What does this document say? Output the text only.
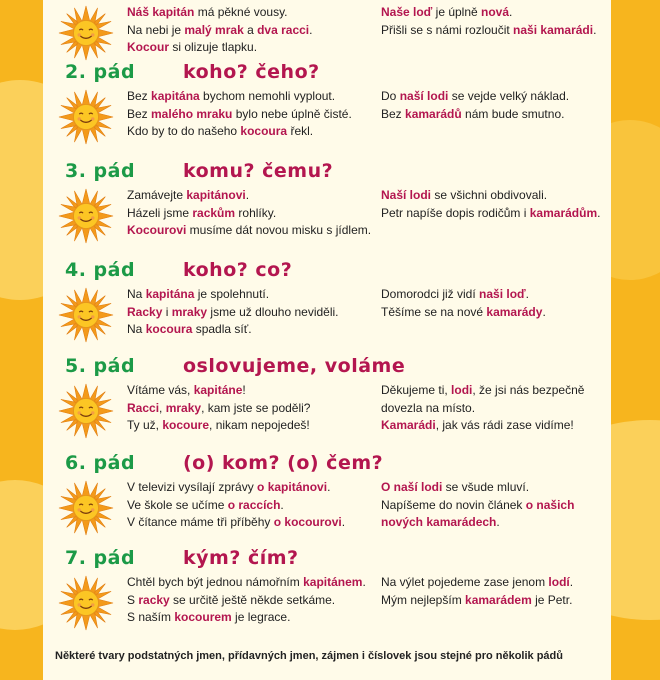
Náš kapitán má pěkné vousy.
Na nebi je malý mrak a dva racci.
Kocour si olizuje tlapku.
Naše loď je úplně nová.
Přišli se s námi rozloučit naši kamarádi.
2. pád	koho? čeho?
Bez kapitána bychom nemohli vyplout.
Bez malého mraku bylo nebe úplně čisté.
Kdo by to do našeho kocoura řekl.
Do naší lodi se vejde velký náklad.
Bez kamarádů nám bude smutno.
3. pád	komu? čemu?
Zamávejte kapitánovi.
Házeli jsme rackům rohlíky.
Kocourovi musíme dát novou misku s jídlem.
Naší lodi se všichni obdivovali.
Petr napíše dopis rodičům i kamarádům.
4. pád	koho? co?
Na kapitána je spolehnutí.
Racky i mraky jsme už dlouho neviděli.
Na kocoura spadla síť.
Domorodci již vidí naši loď.
Těšíme se na nové kamarády.
5. pád	oslovujeme, voláme
Vítáme vás, kapitáne!
Racci, mraky, kam jste se poděli?
Ty už, kocoure, nikam nepojedeš!
Děkujeme ti, lodi, že jsi nás bezpečně
dovezla na místo.
Kamarádi, jak vás rádi zase vidíme!
6. pád	(o) kom? (o) čem?
V televizi vysílají zprávy o kapitánovi.
Ve škole se učíme o raccích.
V čítance máme tři příběhy o kocourovi.
O naší lodi se všude mluví.
Napíšeme do novin článek o našich
nových kamarádech.
7. pád	kým? čím?
Chtěl bych být jednou námořním kapitánem.
S racky se určitě ještě někde setkáme.
S naším kocourem je legrace.
Na výlet pojedeme zase jenom lodí.
Mým nejlepším kamarádem je Petr.
Některé tvary podstatných jmen, přídavných jmen, zájmen i číslovek jsou stejné pro několik pádů
